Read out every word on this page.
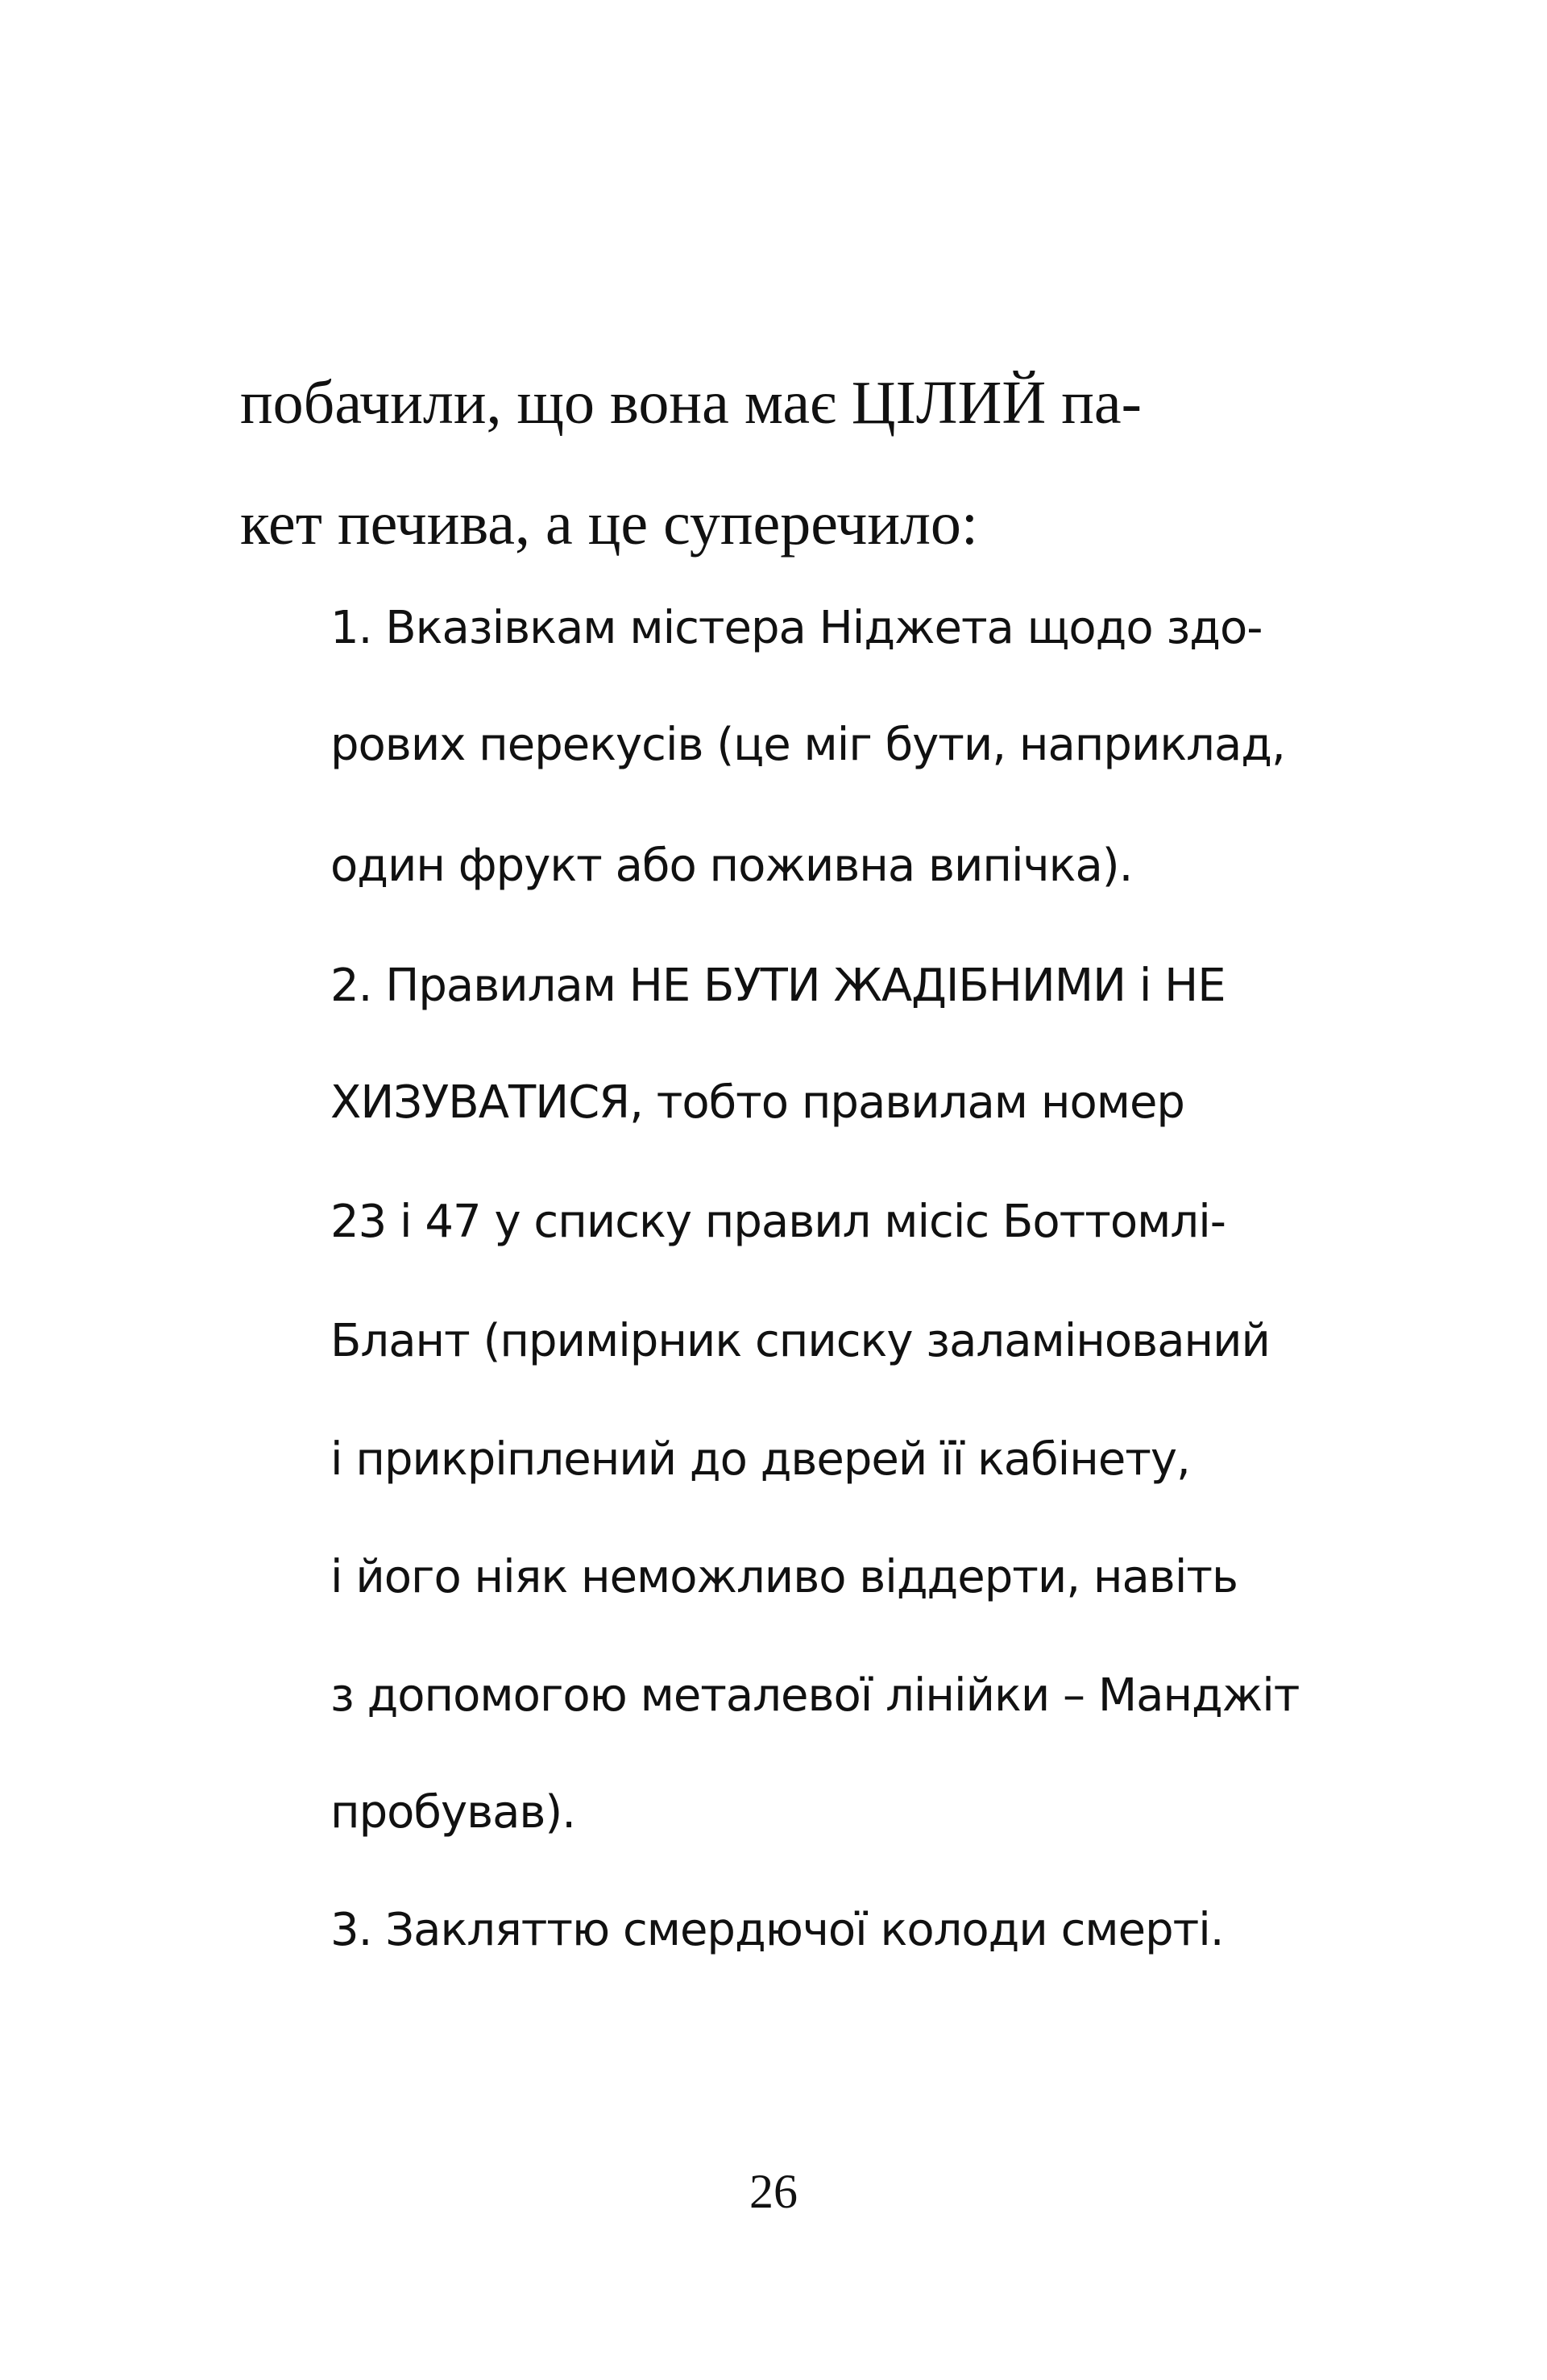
побачили, що вона має ЦІЛИЙ па-
кет печива, а це суперечило:
1. Вказівкам містера Ніджета щодо здо-
рових перекусів (це міг бути, наприклад,
один фрукт або поживна випічка).
2. Правилам НЕ БУТИ ЖАДІБНИМИ і НЕ
ХИЗУВАТИСЯ, тобто правилам номер
23 і 47 у списку правил місіс Боттомлі-
Блант (примірник списку заламінований
і прикріплений до дверей її кабінету,
і його ніяк неможливо віддерти, навіть
з допомогою металевої лінійки – Манджіт
пробував).
3. Закляттю смердючої колоди смерті.
26
